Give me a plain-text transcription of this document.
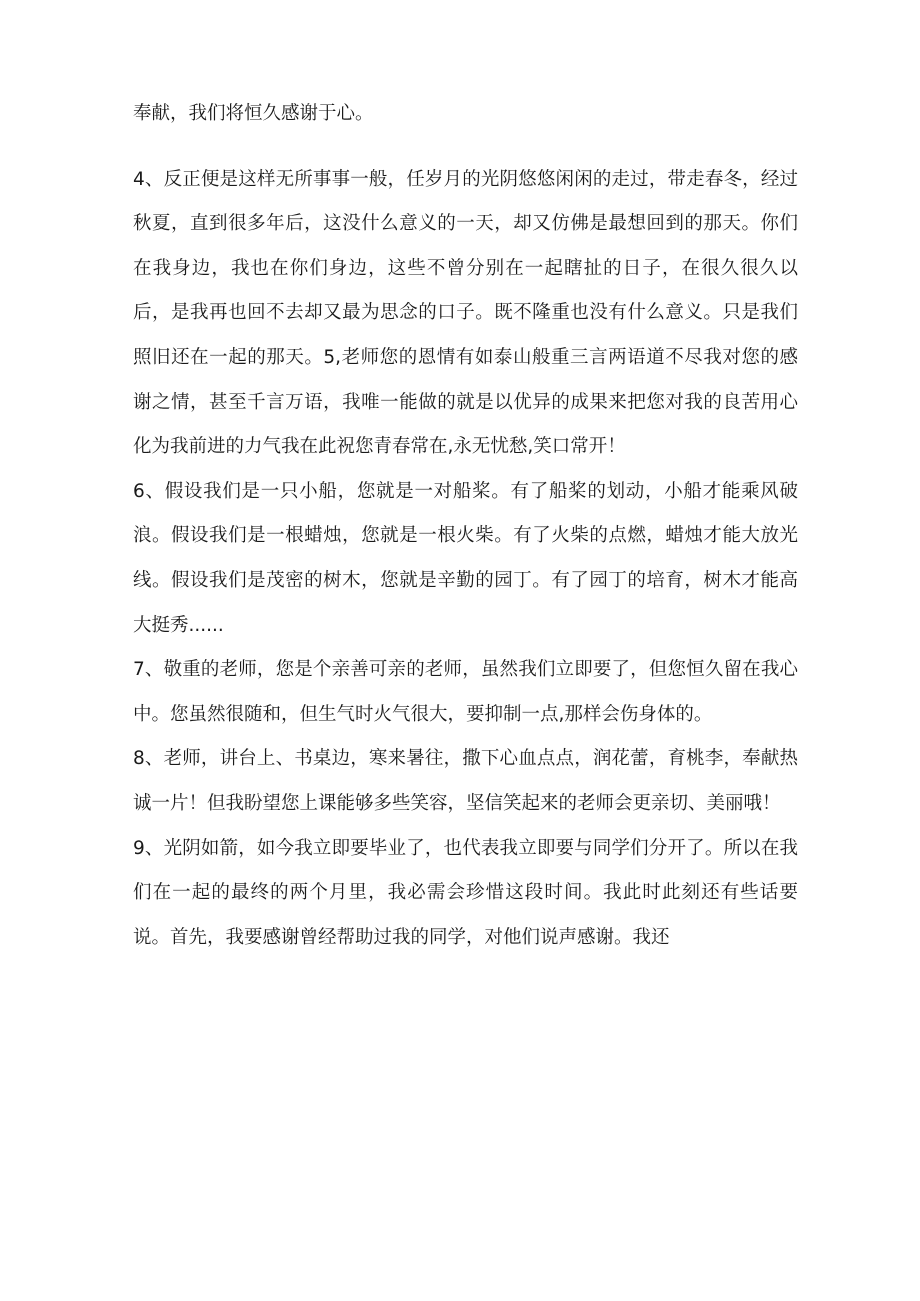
奉献，我们将恒久感谢于心。

4、反正便是这样无所事事一般，任岁月的光阴悠悠闲闲的走过，带走春冬，经过秋夏，直到很多年后，这没什么意义的一天，却又仿佛是最想回到的那天。你们在我身边，我也在你们身边，这些不曾分别在一起瞎扯的日子，在很久很久以后，是我再也回不去却又最为思念的口子。既不隆重也没有什么意义。只是我们照旧还在一起的那天。5,老师您的恩情有如泰山般重三言两语道不尽我对您的感谢之情，甚至千言万语，我唯一能做的就是以优异的成果来把您对我的良苦用心化为我前进的力气我在此祝您青春常在,永无忧愁,笑口常开！

6、假设我们是一只小船，您就是一对船桨。有了船桨的划动，小船才能乘风破浪。假设我们是一根蜡烛，您就是一根火柴。有了火柴的点燃，蜡烛才能大放光线。假设我们是茂密的树木，您就是辛勤的园丁。有了园丁的培育，树木才能高大挺秀......

7、敬重的老师，您是个亲善可亲的老师，虽然我们立即要了，但您恒久留在我心中。您虽然很随和，但生气时火气很大，要抑制一点,那样会伤身体的。

8、老师，讲台上、书桌边，寒来暑往，撒下心血点点，润花蕾，育桃李，奉献热诚一片！但我盼望您上课能够多些笑容，坚信笑起来的老师会更亲切、美丽哦！

9、光阴如箭，如今我立即要毕业了，也代表我立即要与同学们分开了。所以在我们在一起的最终的两个月里，我必需会珍惜这段时间。我此时此刻还有些话要说。首先，我要感谢曾经帮助过我的同学，对他们说声感谢。我还
